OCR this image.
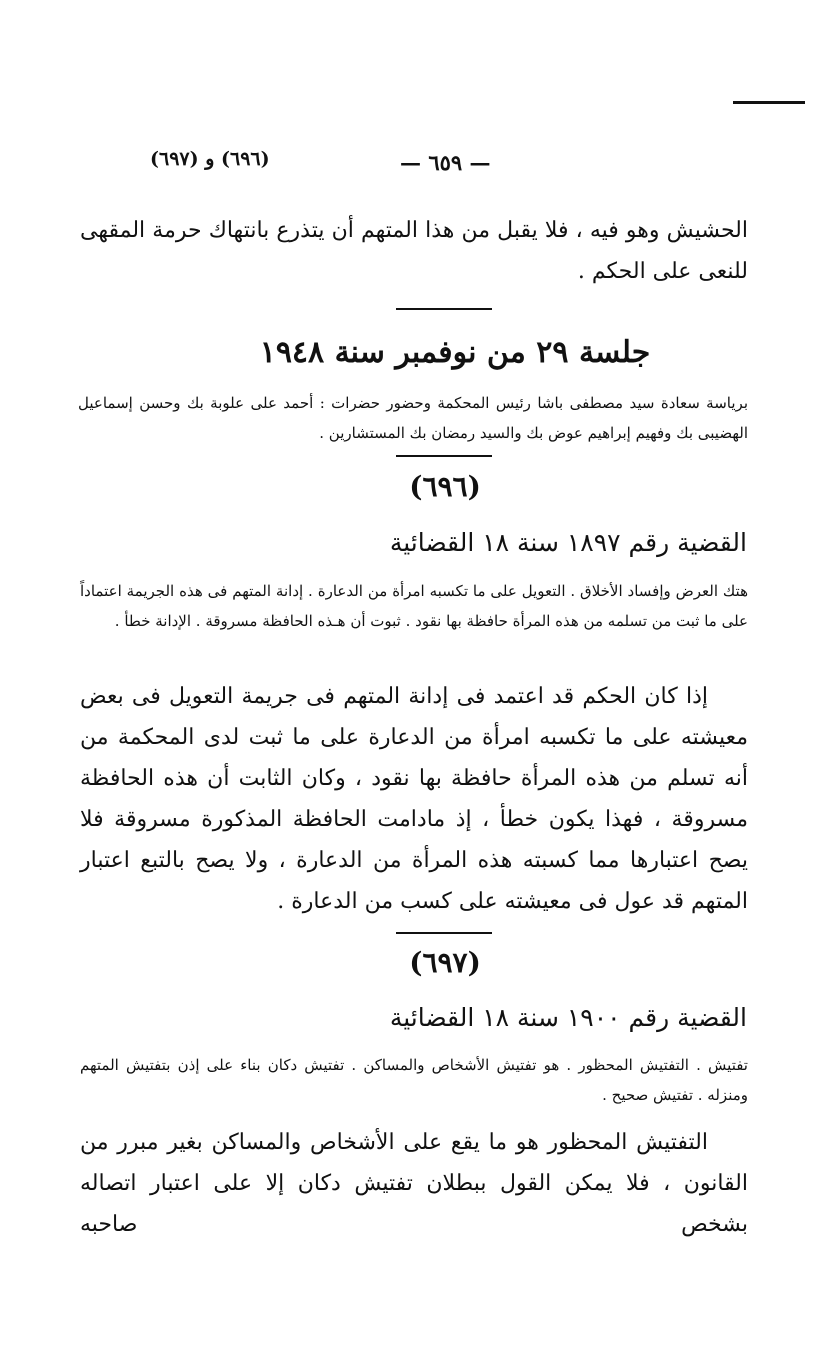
(٦٩٦) و (٦٩٧)	— ٦٥٩ —

الحشيش وهو فيه ، فلا يقبل من هذا المتهم أن يتذرع بانتهاك حرمة المقهى للنعى على الحكم .

جلسة ٢٩ من نوفمبر سنة ١٩٤٨

برياسة سعادة سيد مصطفى باشا رئيس المحكمة وحضور حضرات : أحمد على علوبة بك وحسن إسماعيل الهضيبى بك وفهيم إبراهيم عوض بك والسيد رمضان بك المستشارين .

(٦٩٦)
القضية رقم ١٨٩٧ سنة ١٨ القضائية

هتك العرض وإفساد الأخلاق . التعويل على ما تكسبه امرأة من الدعارة . إدانة المتهم فى هذه الجريمة اعتماداً على ما ثبت من تسلمه من هذه المرأة حافظة بها نقود . ثبوت أن هـذه الحافظة مسروقة . الإدانة خطأ .

إذا كان الحكم قد اعتمد فى إدانة المتهم فى جريمة التعويل فى بعض معيشته على ما تكسبه امرأة من الدعارة على ما ثبت لدى المحكمة من أنه تسلم من هذه المرأة حافظة بها نقود ، وكان الثابت أن هذه الحافظة مسروقة ، فهذا يكون خطأ ، إذ مادامت الحافظة المذكورة مسروقة فلا يصح اعتبارها مما كسبته هذه المرأة من الدعارة ، ولا يصح بالتبع اعتبار المتهم قد عول فى معيشته على كسب من الدعارة .

(٦٩٧)
القضية رقم ١٩٠٠ سنة ١٨ القضائية

تفتيش . التفتيش المحظور . هو تفتيش الأشخاص والمساكن . تفتيش دكان بناء على إذن بتفتيش المتهم ومنزله . تفتيش صحيح .

التفتيش المحظور هو ما يقع على الأشخاص والمساكن بغير مبرر من القانون ، فلا يمكن القول ببطلان تفتيش دكان إلا على اعتبار اتصاله بشخص صاحبه
